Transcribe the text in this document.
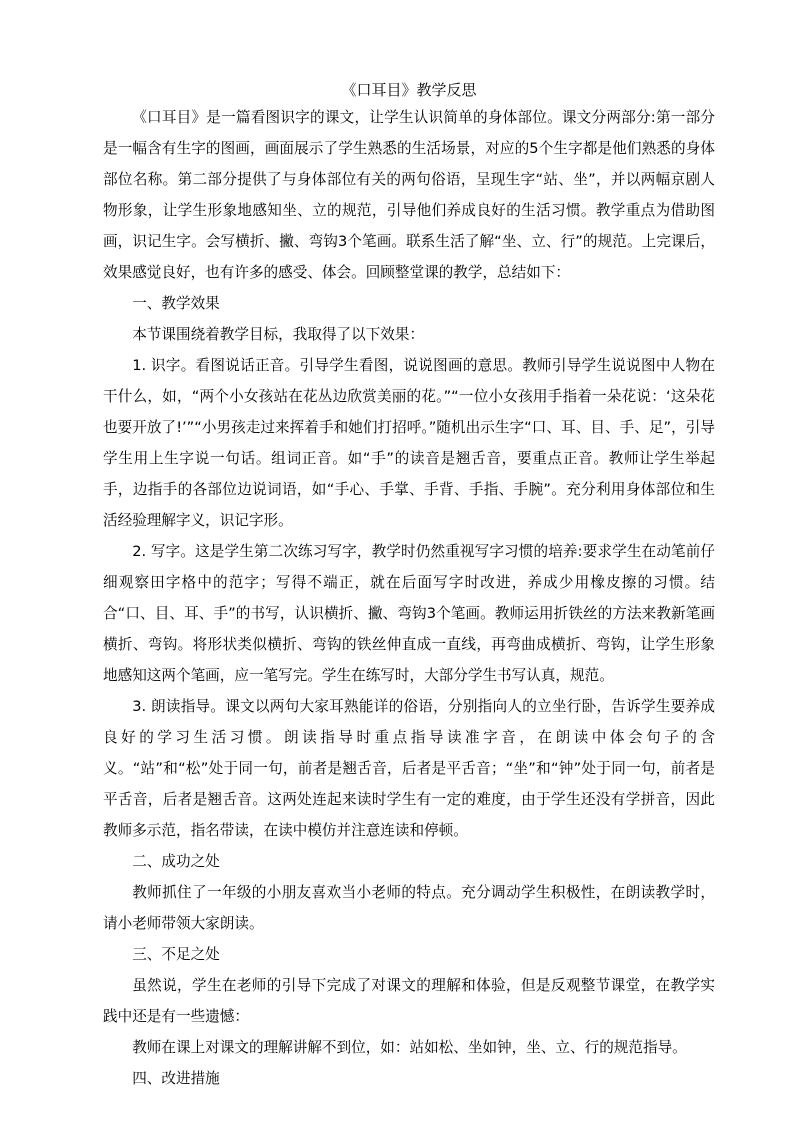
《口耳目》教学反思

《口耳目》是一篇看图识字的课文，让学生认识简单的身体部位。课文分两部分:第一部分是一幅含有生字的图画，画面展示了学生熟悉的生活场景，对应的5个生字都是他们熟悉的身体部位名称。第二部分提供了与身体部位有关的两句俗语，呈现生字“站、坐”，并以两幅京剧人物形象，让学生形象地感知坐、立的规范，引导他们养成良好的生活习惯。教学重点为借助图画，识记生字。会写横折、撇、弯钩3个笔画。联系生活了解“坐、立、行”的规范。上完课后，效果感觉良好，也有许多的感受、体会。回顾整堂课的教学，总结如下：

一、教学效果

本节课围绕着教学目标，我取得了以下效果：

1. 识字。看图说话正音。引导学生看图，说说图画的意思。教师引导学生说说图中人物在干什么，如，“两个小女孩站在花丛边欣赏美丽的花。”“一位小女孩用手指着一朵花说：‘这朵花也要开放了!’”“小男孩走过来挥着手和她们打招呼。”随机出示生字“口、耳、目、手、足”，引导学生用上生字说一句话。组词正音。如“手”的读音是翘舌音，要重点正音。教师让学生举起手，边指手的各部位边说词语，如“手心、手掌、手背、手指、手腕”。充分利用身体部位和生活经验理解字义，识记字形。

2. 写字。这是学生第二次练习写字，教学时仍然重视写字习惯的培养:要求学生在动笔前仔细观察田字格中的范字；写得不端正，就在后面写字时改进，养成少用橡皮擦的习惯。结合“口、目、耳、手”的书写，认识横折、撇、弯钩3个笔画。教师运用折铁丝的方法来教新笔画横折、弯钩。将形状类似横折、弯钩的铁丝伸直成一直线，再弯曲成横折、弯钩，让学生形象地感知这两个笔画，应一笔写完。学生在练写时，大部分学生书写认真，规范。

3. 朗读指导。课文以两句大家耳熟能详的俗语，分别指向人的立坐行卧，告诉学生要养成良好的学习生活习惯。朗读指导时重点指导读准字音，在朗读中体会句子的含义。“站”和“松”处于同一句，前者是翘舌音，后者是平舌音；“坐”和“钟”处于同一句，前者是平舌音，后者是翘舌音。这两处连起来读时学生有一定的难度，由于学生还没有学拼音，因此教师多示范，指名带读，在读中模仿并注意连读和停顿。

二、成功之处

教师抓住了一年级的小朋友喜欢当小老师的特点。充分调动学生积极性，在朗读教学时，请小老师带领大家朗读。

三、不足之处

虽然说，学生在老师的引导下完成了对课文的理解和体验，但是反观整节课堂，在教学实践中还是有一些遗憾：

教师在课上对课文的理解讲解不到位，如：站如松、坐如钟，坐、立、行的规范指导。

四、改进措施
